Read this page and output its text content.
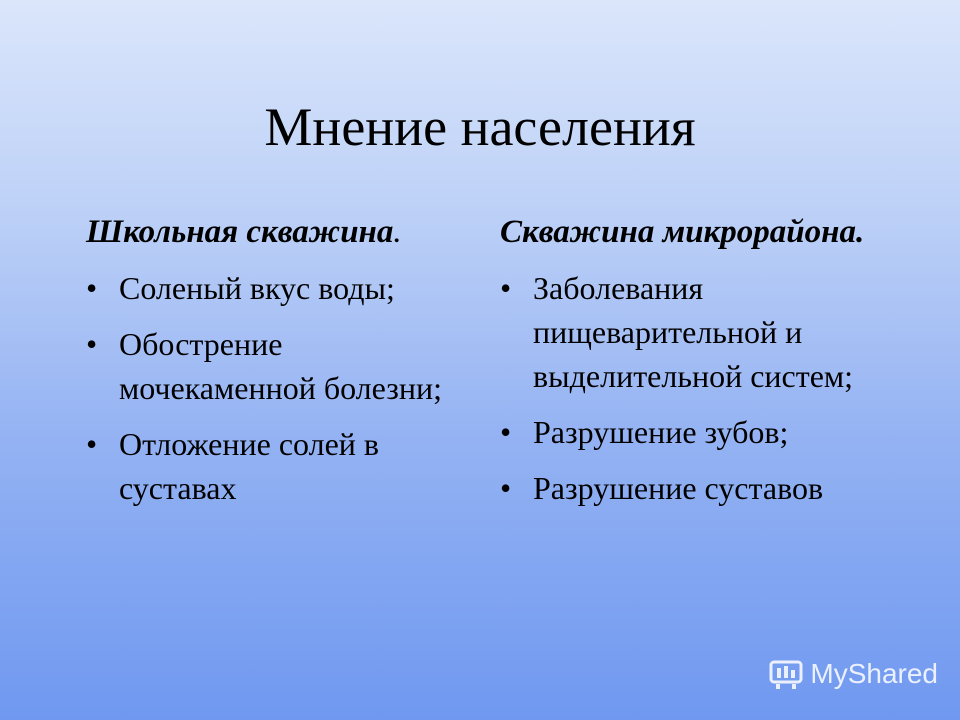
Мнение населения
Школьная скважина.
• Соленый вкус воды;
• Обострение мочекаменной болезни;
• Отложение солей в суставах
Скважина микрорайона.
• Заболевания пищеварительной и выделительной систем;
• Разрушение зубов;
• Разрушение суставов
MyShared
